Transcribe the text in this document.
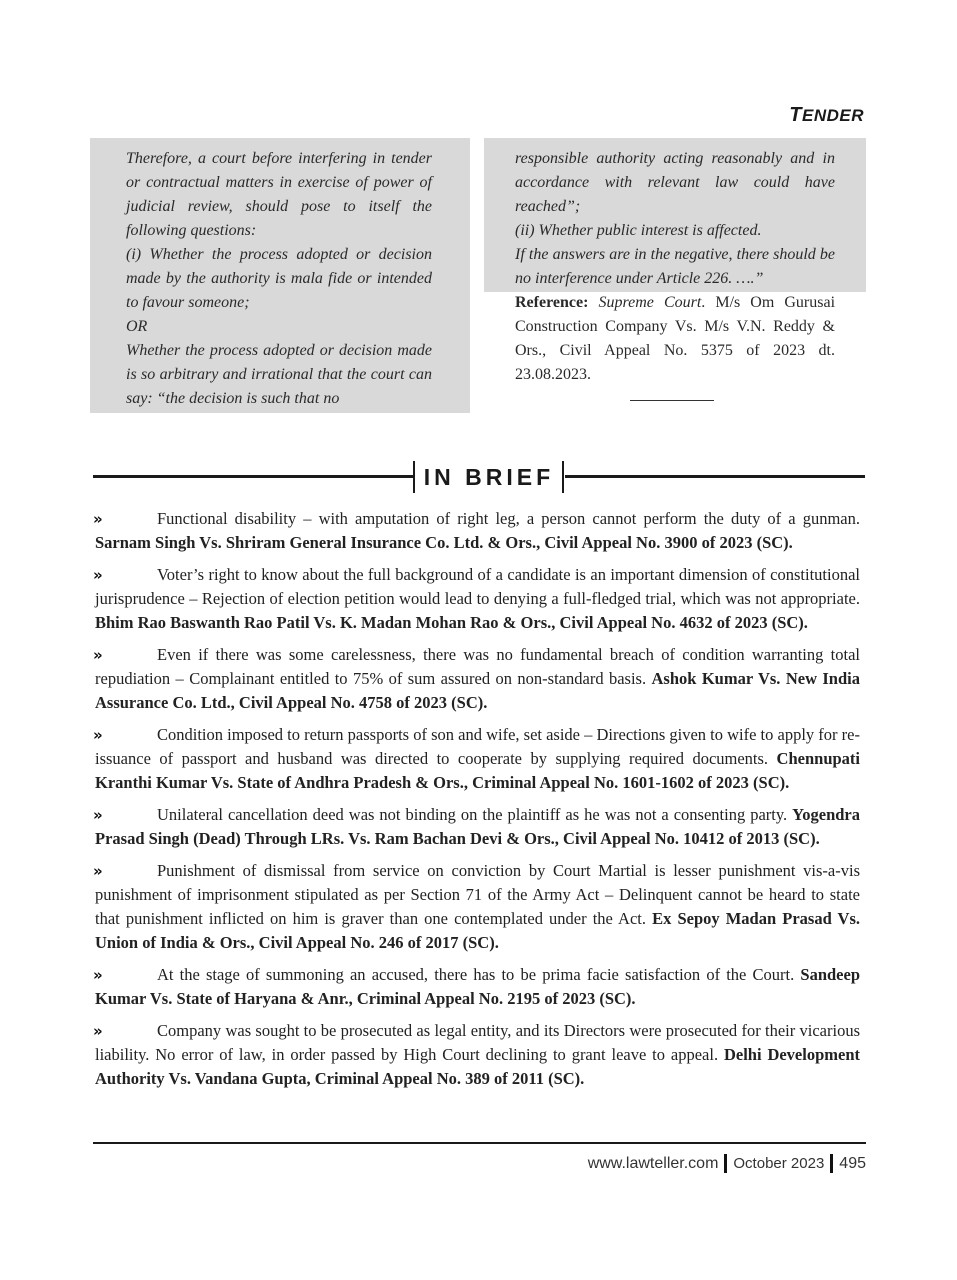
TENDER

Therefore, a court before interfering in tender or contractual matters in exercise of power of judicial review, should pose to itself the following questions:

(i) Whether the process adopted or decision made by the authority is mala fide or intended to favour someone;

OR

Whether the process adopted or decision made is so arbitrary and irrational that the court can say: “the decision is such that no

responsible authority acting reasonably and in accordance with relevant law could have reached”;

(ii) Whether public interest is affected.

If the answers are in the negative, there should be no interference under Article 226. ….”

Reference: Supreme Court. M/s Om Gurusai Construction Company Vs. M/s V.N. Reddy & Ors., Civil Appeal No. 5375 of 2023 dt. 23.08.2023.
IN BRIEF

»	Functional disability – with amputation of right leg, a person cannot perform the duty of a gunman. Sarnam Singh Vs. Shriram General Insurance Co. Ltd. & Ors., Civil Appeal No. 3900 of 2023 (SC).

»	Voter’s right to know about the full background of a candidate is an important dimension of constitutional jurisprudence – Rejection of election petition would lead to denying a full-fledged trial, which was not appropriate. Bhim Rao Baswanth Rao Patil Vs. K. Madan Mohan Rao & Ors., Civil Appeal No. 4632 of 2023 (SC).

»	Even if there was some carelessness, there was no fundamental breach of condition warranting total repudiation – Complainant entitled to 75% of sum assured on non-standard basis. Ashok Kumar Vs. New India Assurance Co. Ltd., Civil Appeal No. 4758 of 2023 (SC).

»	Condition imposed to return passports of son and wife, set aside – Directions given to wife to apply for re-issuance of passport and husband was directed to cooperate by supplying required documents. Chennupati Kranthi Kumar Vs. State of Andhra Pradesh & Ors., Criminal Appeal No. 1601-1602 of 2023 (SC).

»	Unilateral cancellation deed was not binding on the plaintiff as he was not a consenting party. Yogendra Prasad Singh (Dead) Through LRs. Vs. Ram Bachan Devi & Ors., Civil Appeal No. 10412 of 2013 (SC).

»	Punishment of dismissal from service on conviction by Court Martial is lesser punishment vis-a-vis punishment of imprisonment stipulated as per Section 71 of the Army Act – Delinquent cannot be heard to state that punishment inflicted on him is graver than one contemplated under the Act. Ex Sepoy Madan Prasad Vs. Union of India & Ors., Civil Appeal No. 246 of 2017 (SC).

»	At the stage of summoning an accused, there has to be prima facie satisfaction of the Court. Sandeep Kumar Vs. State of Haryana & Anr., Criminal Appeal No. 2195 of 2023 (SC).

»	Company was sought to be prosecuted as legal entity, and its Directors were prosecuted for their vicarious liability. No error of law, in order passed by High Court declining to grant leave to appeal. Delhi Development Authority Vs. Vandana Gupta, Criminal Appeal No. 389 of 2011 (SC).

www.lawteller.com October 2023 495
